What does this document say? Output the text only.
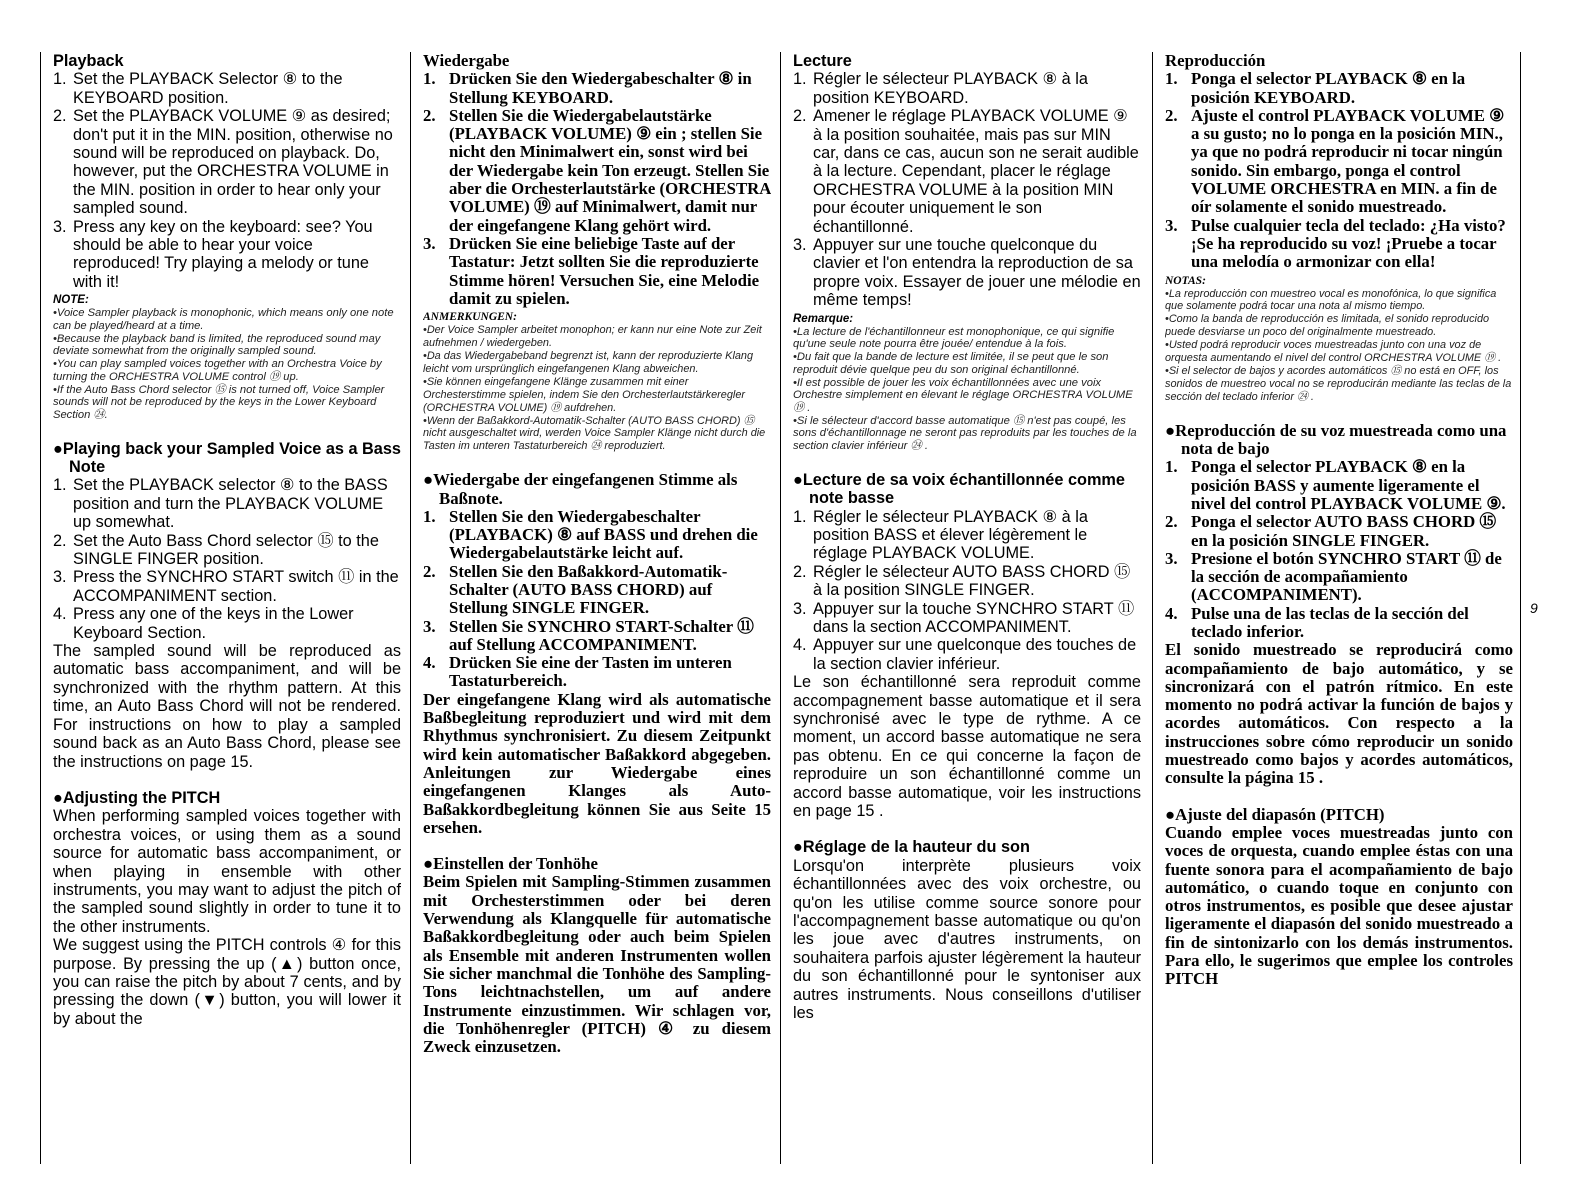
Playback
1. Set the PLAYBACK Selector ⑧ to the KEYBOARD position.
2. Set the PLAYBACK VOLUME ⑨ as desired; don't put it in the MIN. position, otherwise no sound will be reproduced on playback. Do, however, put the ORCHESTRA VOLUME in the MIN. position in order to hear only your sampled sound.
3. Press any key on the keyboard: see? You should be able to hear your voice reproduced! Try playing a melody or tune with it!
NOTE:
•Voice Sampler playback is monophonic, which means only one note can be played/heard at a time.
•Because the playback band is limited, the reproduced sound may deviate somewhat from the originally sampled sound.
•You can play sampled voices together with an Orchestra Voice by turning the ORCHESTRA VOLUME control ⑲ up.
•If the Auto Bass Chord selector ⑮ is not turned off, Voice Sampler sounds will not be reproduced by the keys in the Lower Keyboard Section ㉔.
●Playing back your Sampled Voice as a Bass Note
1. Set the PLAYBACK selector ⑧ to the BASS position and turn the PLAYBACK VOLUME up somewhat.
2. Set the Auto Bass Chord selector ⑮ to the SINGLE FINGER position.
3. Press the SYNCHRO START switch ⑪ in the ACCOMPANIMENT section.
4. Press any one of the keys in the Lower Keyboard Section.

The sampled sound will be reproduced as automatic bass accompaniment, and will be synchronized with the rhythm pattern. At this time, an Auto Bass Chord will not be rendered. For instructions on how to play a sampled sound back as an Auto Bass Chord, please see the instructions on page 15.

●Adjusting the PITCH

When performing sampled voices together with orchestra voices, or using them as a sound source for automatic bass accompaniment, or when playing in ensemble with other instruments, you may want to adjust the pitch of the sampled sound slightly in order to tune it to the other instruments.

We suggest using the PITCH controls ④ for this purpose. By pressing the up (▲) button once, you can raise the pitch by about 7 cents, and by pressing the down (▼) button, you will lower it by about the

Wiedergabe
1. Drücken Sie den Wiedergabeschalter ⑧ in Stellung KEYBOARD.
2. Stellen Sie die Wiedergabelautstärke (PLAYBACK VOLUME) ⑨ ein ; stellen Sie nicht den Minimalwert ein, sonst wird bei der Wiedergabe kein Ton erzeugt. Stellen Sie aber die Orchesterlautstärke (ORCHESTRA VOLUME) ⑲ auf Minimalwert, damit nur der eingefangene Klang gehört wird.
3. Drücken Sie eine beliebige Taste auf der Tastatur: Jetzt sollten Sie die reproduzierte Stimme hören! Versuchen Sie, eine Melodie damit zu spielen.
ANMERKUNGEN:
•Der Voice Sampler arbeitet monophon; er kann nur eine Note zur Zeit aufnehmen / wiedergeben.
•Da das Wiedergabeband begrenzt ist, kann der reproduzierte Klang leicht vom ursprünglich eingefangenen Klang abweichen.
•Sie können eingefangene Klänge zusammen mit einer Orchesterstimme spielen, indem Sie den Orchesterlautstärkeregler (ORCHESTRA VOLUME) ⑲ aufdrehen.
•Wenn der Baßakkord-Automatik-Schalter (AUTO BASS CHORD) ⑮ nicht ausgeschaltet wird, werden Voice Sampler Klänge nicht durch die Tasten im unteren Tastaturbereich ㉔ reproduziert.
●Wiedergabe der eingefangenen Stimme als Baßnote.
1. Stellen Sie den Wiedergabeschalter (PLAYBACK) ⑧ auf BASS und drehen die Wiedergabelautstärke leicht auf.
2. Stellen Sie den Baßakkord-Automatik-Schalter (AUTO BASS CHORD) auf Stellung SINGLE FINGER.
3. Stellen Sie SYNCHRO START-Schalter ⑪ auf Stellung ACCOMPANIMENT.
4. Drücken Sie eine der Tasten im unteren Tastaturbereich.

Der eingefangene Klang wird als automatische Baßbegleitung reproduziert und wird mit dem Rhythmus synchronisiert. Zu diesem Zeitpunkt wird kein automatischer Baßakkord abgegeben. Anleitungen zur Wiedergabe eines eingefangenen Klanges als Auto-Baßakkordbegleitung können Sie aus Seite 15 ersehen.

●Einstellen der Tonhöhe

Beim Spielen mit Sampling-Stimmen zusammen mit Orchesterstimmen oder bei deren Verwendung als Klangquelle für automatische Baßakkordbegleitung oder auch beim Spielen als Ensemble mit anderen Instrumenten wollen Sie sicher manchmal die Tonhöhe des Sampling-Tons leichtnachstellen, um auf andere Instrumente einzustimmen. Wir schlagen vor, die Tonhöhenregler (PITCH) ④ zu diesem Zweck einzusetzen.

Lecture
1. Régler le sélecteur PLAYBACK ⑧ à la position KEYBOARD.
2. Amener le réglage PLAYBACK VOLUME ⑨ à la position souhaitée, mais pas sur MIN car, dans ce cas, aucun son ne serait audible à la lecture. Cependant, placer le réglage ORCHESTRA VOLUME à la position MIN pour écouter uniquement le son échantillonné.
3. Appuyer sur une touche quelconque du clavier et l'on entendra la reproduction de sa propre voix. Essayer de jouer une mélodie en même temps!
Remarque:
•La lecture de l'échantillonneur est monophonique, ce qui signifie qu'une seule note pourra être jouée/ entendue à la fois.
•Du fait que la bande de lecture est limitée, il se peut que le son reproduit dévie quelque peu du son original échantillonné.
•Il est possible de jouer les voix échantillonnées avec une voix Orchestre simplement en élevant le réglage ORCHESTRA VOLUME ⑲ .
•Si le sélecteur d'accord basse automatique ⑮ n'est pas coupé, les sons d'échantillonnage ne seront pas reproduits par les touches de la section clavier inférieur ㉔ .
●Lecture de sa voix échantillonnée comme note basse
1. Régler le sélecteur PLAYBACK ⑧ à la position BASS et élever légèrement le réglage PLAYBACK VOLUME.
2. Régler le sélecteur AUTO BASS CHORD ⑮ à la position SINGLE FINGER.
3. Appuyer sur la touche SYNCHRO START ⑪ dans la section ACCOMPANIMENT.
4. Appuyer sur une quelconque des touches de la section clavier inférieur.

Le son échantillonné sera reproduit comme accompagnement basse automatique et il sera synchronisé avec le type de rythme. A ce moment, un accord basse automatique ne sera pas obtenu. En ce qui concerne la façon de reproduire un son échantillonné comme un accord basse automatique, voir les instructions en page 15 .

●Réglage de la hauteur du son

Lorsqu'on interprète plusieurs voix échantillonnées avec des voix orchestre, ou qu'on les utilise comme source sonore pour l'accompagnement basse automatique ou qu'on les joue avec d'autres instruments, on souhaitera parfois ajuster légèrement la hauteur du son échantillonné pour le syntoniser aux autres instruments. Nous conseillons d'utiliser les

Reproducción
1. Ponga el selector PLAYBACK ⑧ en la posición KEYBOARD.
2. Ajuste el control PLAYBACK VOLUME ⑨ a su gusto; no lo ponga en la posición MIN., ya que no podrá reproducir ni tocar ningún sonido. Sin embargo, ponga el control VOLUME ORCHESTRA en MIN. a fin de oír solamente el sonido muestreado.
3. Pulse cualquier tecla del teclado: ¿Ha visto? ¡Se ha reproducido su voz! ¡Pruebe a tocar una melodía o armonizar con ella!
NOTAS:
•La reproducción con muestreo vocal es monofónica, lo que significa que solamente podrá tocar una nota al mismo tiempo.
•Como la banda de reproducción es limitada, el sonido reproducido puede desviarse un poco del originalmente muestreado.
•Usted podrá reproducir voces muestreadas junto con una voz de orquesta aumentando el nivel del control ORCHESTRA VOLUME ⑲ .
•Si el selector de bajos y acordes automáticos ⑮ no está en OFF, los sonidos de muestreo vocal no se reproducirán mediante las teclas de la sección del teclado inferior ㉔ .
●Reproducción de su voz muestreada como una nota de bajo
1. Ponga el selector PLAYBACK ⑧ en la posición BASS y aumente ligeramente el nivel del control PLAYBACK VOLUME ⑨.
2. Ponga el selector AUTO BASS CHORD ⑮ en la posición SINGLE FINGER.
3. Presione el botón SYNCHRO START ⑪ de la sección de acompañamiento (ACCOMPANIMENT).
4. Pulse una de las teclas de la sección del teclado inferior.

El sonido muestreado se reproducirá como acompañamiento de bajo automático, y se sincronizará con el patrón rítmico. En este momento no podrá activar la función de bajos y acordes automáticos. Con respecto a la instrucciones sobre cómo reproducir un sonido muestreado como bajos y acordes automáticos, consulte la página 15 .

●Ajuste del diapasón (PITCH)

Cuando emplee voces muestreadas junto con voces de orquesta, cuando emplee éstas con una fuente sonora para el acompañamiento de bajo automático, o cuando toque en conjunto con otros instrumentos, es posible que desee ajustar ligeramente el diapasón del sonido muestreado a fin de sintonizarlo con los demás instrumentos. Para ello, le sugerimos que emplee los controles PITCH

9
